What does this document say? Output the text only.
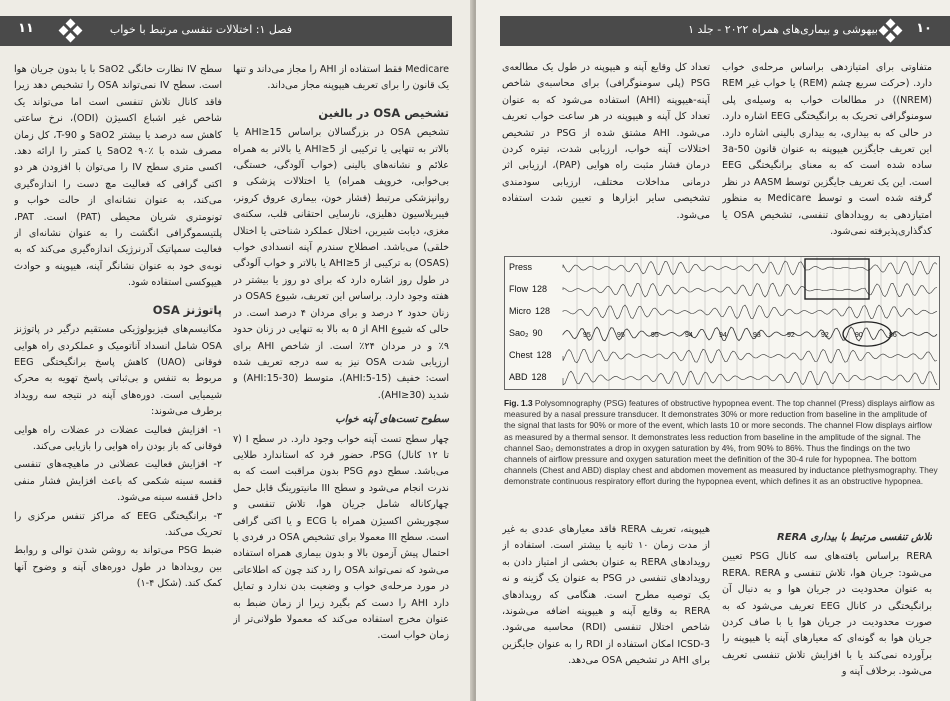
۱۱	فصل ۱: اختلالات تنفسی مرتبط با خواب

Medicare فقط استفاده از AHI را مجاز می‌داند و تنها یک قانون را برای تعریف هیپوپنه مجاز می‌داند.

تشخیص OSA در بالغین

تشخیص OSA در بزرگسالان براساس AHI≥15 یا بالاتر به تنهایی یا ترکیبی از AHI≥5 یا بالاتر به همراه علائم و نشانه‌های بالینی (خواب آلودگی، خستگی، بی‌خوابی، خروپف همراه) یا اختلالات پزشکی و روانپزشکی مرتبط (فشار خون، بیماری عروق کرونر، فیبریلاسیون دهلیزی، نارسایی احتقانی قلب، سکته‌ی مغزی، دیابت شیرین، اختلال عملکرد شناختی یا اختلال خلقی) می‌باشد. اصطلاح سندرم آپنه انسدادی خواب (OSAS) به ترکیبی از AHI≥5 یا بالاتر و خواب آلودگی در طول روز اشاره دارد که برای دو روز یا بیشتر در هفته وجود دارد. براساس این تعریف، شیوع OSAS در زنان حدود ۲ درصد و برای مردان ۴ درصد است. در حالی که شیوع AHI از ۵ به بالا به تنهایی در زنان حدود ۹٪ و در مردان ۲۴٪ است. از شاخص AHI برای ارزیابی شدت OSA نیز به سه درجه تعریف شده است: خفیف (AHI:5-15)، متوسط (AHI:15-30) و شدید (AHI≥30).

سطوح تست‌های آپنه خواب

چهار سطح تست آپنه خواب وجود دارد. در سطح I (۷ تا ۱۲ کانال) PSG، حضور فرد که استاندارد طلایی می‌باشد. سطح دوم PSG بدون مراقبت است که به ندرت انجام می‌شود و سطح III مانیتورینگ قابل حمل چهارکاناله شامل جریان هوا، تلاش تنفسی و سچوریشن اکسیژن همراه با ECG و یا اکتی گرافی است. سطح III معمولا برای تشخیص OSA در فردی با احتمال پیش آزمون بالا و بدون بیماری همراه استفاده می‌شود که نمی‌تواند OSA را رد کند چون که اطلاعاتی در مورد مرحله‌ی خواب و وضعیت بدن ندارد و تمایل دارد AHI را دست کم بگیرد زیرا از زمان ضبط به عنوان مخرج استفاده می‌کند که معمولا طولانی‌تر از زمان خواب است.

سطح IV نظارت خانگی SaO2 با یا بدون جریان هوا است. سطح IV نمی‌تواند OSA را تشخیص دهد زیرا فاقد کانال تلاش تنفسی است اما می‌تواند یک شاخص غیر اشباع اکسیژن (ODI)، نرخ ساعتی کاهش سه درصد یا بیشتر SaO2 و T-90، کل زمان مصرف شده با SaO2 ۹۰٪ یا کمتر را ارائه دهد. اکسی متری سطح IV را می‌توان با افزودن هر دو اکتی گرافی که فعالیت مچ دست را اندازه‌گیری می‌کند، به عنوان نشانه‌ای از حالت خواب و تونومتری شریان محیطی (PAT) است. PAT، پلتیسموگرافی انگشت را به عنوان نشانه‌ای از فعالیت سمپاتیک آدرنرژیک اندازه‌گیری می‌کند که به نوبه‌ی خود به عنوان نشانگر آپنه، هیپوپنه و حوادث هیپوکسی استفاده شود.

پاتوژنز OSA

مکانیسم‌های فیزیولوژیکی مستقیم درگیر در پاتوژنز OSA شامل انسداد آناتومیک و عملکردی راه هوایی فوقانی (UAO) کاهش پاسخ برانگیختگی EEG مربوط به تنفس و بی‌ثباتی پاسخ تهویه به محرک شیمیایی است. دوره‌های آپنه در نتیجه سه رویداد برطرف می‌شوند:

۱- افزایش فعالیت عضلات در عضلات راه هوایی فوقانی که باز بودن راه هوایی را بازیابی می‌کند.

۲- افزایش فعالیت عضلانی در ماهیچه‌های تنفسی قفسه سینه شکمی که باعث افزایش فشار منفی داخل قفسه سینه می‌شود.

۳- برانگیختگی EEG که مراکز تنفس مرکزی را تحریک می‌کند.

ضبط PSG می‌تواند به روشن شدن توالی و روابط بین رویدادها در طول دوره‌های آپنه و وضوح آنها کمک کند. (شکل ۴-۱)

۱۰
بیهوشی و بیماری‌های همراه ۲۰۲۲ - جلد ۱

متفاوتی برای امتیازدهی براساس مرحله‌ی خواب دارد. (حرکت سریع چشم (REM) یا خواب غیر REM (NREM)) در مطالعات خواب به وسیله‌ی پلی سومنوگرافی تحریک به برانگیختگی EEG اشاره دارد. در حالی که به بیداری، به بیداری بالینی اشاره دارد. این تعریف جایگزین هیپوپنه به عنوان قانون 3a-50 ساده شده است که به معنای برانگیختگی EEG است. این یک تعریف جایگزین توسط AASM در نظر گرفته شده است و توسط Medicare به منظور امتیازدهی به رویدادهای تنفسی، تشخیص OSA یا کدگذاری‌پذیرفته نمی‌شود.

تعداد کل وقایع آپنه و هیپوپنه در طول یک مطالعه‌ی PSG (پلی سومنوگرافی) برای محاسبه‌ی شاخص آپنه-هیپوپنه (AHI) استفاده می‌شود که به عنوان تعداد کل آپنه و هیپوپنه در هر ساعت خواب تعریف می‌شود. AHI مشتق شده از PSG در تشخیص اختلالات آپنه خواب، ارزیابی شدت، تیتره کردن درمان فشار مثبت راه هوایی (PAP)، ارزیابی اثر درمانی مداخلات مختلف، ارزیابی سودمندی تشخیصی سایر ابزارها و تعیین شدت استفاده می‌شود.

95	95	95	94	94	93	92	92	90	86
Press
Flow 128
Micro 128
Sao₂ 90
Chest 128
ABD 128
Fig. 1.3 Polysomnography (PSG) features of obstructive hypopnea event. The top channel (Press) displays airflow as measured by a nasal pressure transducer. It demonstrates 30% or more reduction from baseline in the amplitude of the signal that lasts for 90% or more of the event, which lasts 10 or more seconds. The channel Flow displays airflow as measured by a thermal sensor. It demonstrates less reduction from baseline in the amplitude of the signal. The channel Sao₂ demonstrates a drop in oxygen saturation by 4%, from 90% to 86%. Thus the findings on the two channels of airflow pressure and oxygen saturation meet the definition of the 30-4 rule for hypopnea. The bottom channels (Chest and ABD) display chest and abdomen movement as measured by inductance plethysmography. They demonstrate continuous respiratory effort during the hypopnea event, which defines it as an obstructive hypopnea.
تلاش تنفسی مرتبط با بیداری RERA

RERA براساس یافته‌های سه کانال PSG تعیین می‌شود: جریان هوا، تلاش تنفسی و RERA. RERA به عنوان محدودیت در جریان هوا و به دنبال آن برانگیختگی در کانال EEG تعریف می‌شود که به صورت محدودیت در جریان هوا یا با صاف کردن جریان هوا به گونه‌ای که معیارهای آپنه یا هیپوپنه را برآورده نمی‌کند یا با افزایش تلاش تنفسی تعریف می‌شود. برخلاف آپنه و

هیپوپنه، تعریف RERA فاقد معیارهای عددی به غیر از مدت زمان ۱۰ ثانیه یا بیشتر است. استفاده از رویدادهای RERA به عنوان بخشی از امتیاز دادن به رویدادهای تنفسی در PSG به عنوان یک گزینه و نه یک توصیه مطرح است. هنگامی که رویدادهای RERA به وقایع آپنه و هیپوپنه اضافه می‌شوند، شاخص اختلال تنفسی (RDI) محاسبه می‌شود. ICSD-3 امکان استفاده از RDI را به عنوان جایگزین برای AHI در تشخیص OSA می‌دهد.
